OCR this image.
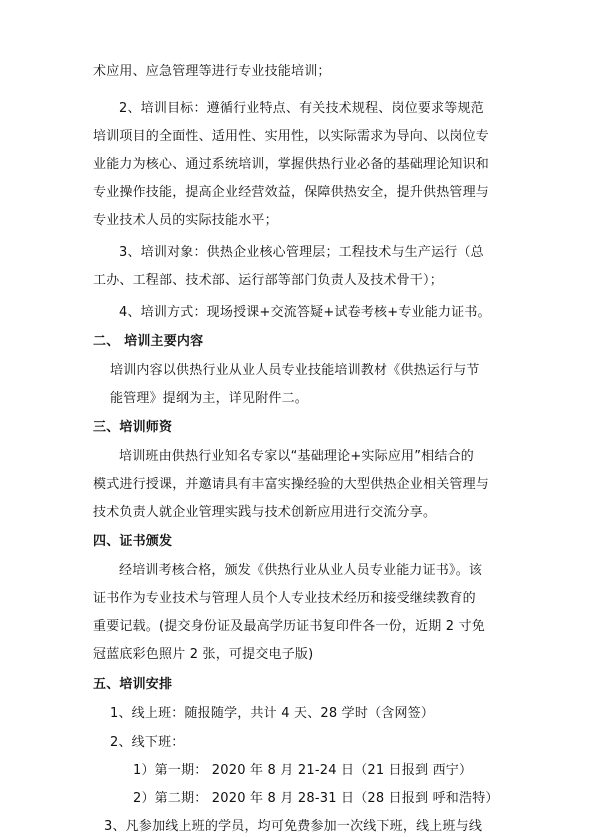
术应用、应急管理等进行专业技能培训；
2、培训目标：遵循行业特点、有关技术规程、岗位要求等规范
培训项目的全面性、适用性、实用性，以实际需求为导向、以岗位专
业能力为核心、通过系统培训，掌握供热行业必备的基础理论知识和
专业操作技能，提高企业经营效益，保障供热安全，提升供热管理与
专业技术人员的实际技能水平；
3、培训对象：供热企业核心管理层；工程技术与生产运行（总
工办、工程部、技术部、运行部等部门负责人及技术骨干）；
4、培训方式：现场授课+交流答疑+试卷考核+专业能力证书。
二、 培训主要内容
培训内容以供热行业从业人员专业技能培训教材《供热运行与节
能管理》提纲为主，详见附件二。
三、培训师资
培训班由供热行业知名专家以“基础理论+实际应用”相结合的
模式进行授课，并邀请具有丰富实操经验的大型供热企业相关管理与
技术负责人就企业管理实践与技术创新应用进行交流分享。
四、证书颁发
经培训考核合格，颁发《供热行业从业人员专业能力证书》。该
证书作为专业技术与管理人员个人专业技术经历和接受继续教育的
重要记载。(提交身份证及最高学历证书复印件各一份，近期 2 寸免
冠蓝底彩色照片 2 张，可提交电子版)
五、培训安排
1、线上班：随报随学，共计 4 天、28 学时（含网签）
2、线下班：
1）第一期： 2020 年 8 月 21-24 日（21 日报到 西宁）
2）第二期： 2020 年 8 月 28-31 日（28 日报到 呼和浩特）
3、凡参加线上班的学员，均可免费参加一次线下班，线上班与线
